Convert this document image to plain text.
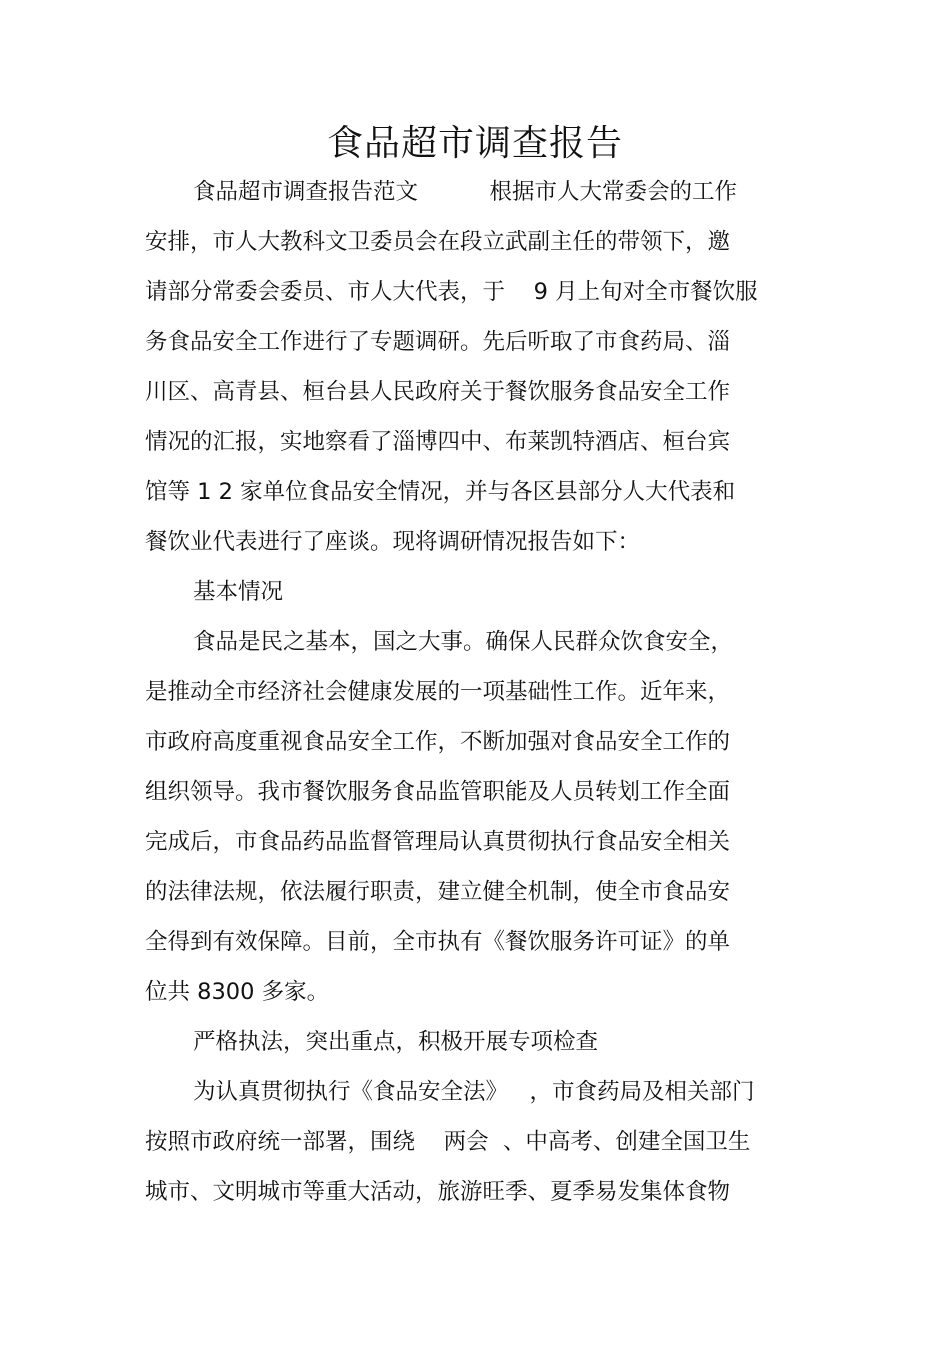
食品超市调查报告

食品超市调查报告范文          根据市人大常委会的工作

安排，市人大教科文卫委员会在段立武副主任的带领下，邀

请部分常委会委员、市人大代表，于    9 月上旬对全市餐饮服

务食品安全工作进行了专题调研。先后听取了市食药局、淄

川区、高青县、桓台县人民政府关于餐饮服务食品安全工作

情况的汇报，实地察看了淄博四中、布莱凯特酒店、桓台宾

馆等 1 2 家单位食品安全情况，并与各区县部分人大代表和

餐饮业代表进行了座谈。现将调研情况报告如下：

基本情况

食品是民之基本，国之大事。确保人民群众饮食安全，

是推动全市经济社会健康发展的一项基础性工作。近年来，

市政府高度重视食品安全工作，不断加强对食品安全工作的

组织领导。我市餐饮服务食品监管职能及人员转划工作全面

完成后，市食品药品监督管理局认真贯彻执行食品安全相关

的法律法规，依法履行职责，建立健全机制，使全市食品安

全得到有效保障。目前，全市执有《餐饮服务许可证》的单

位共 8300 多家。

严格执法，突出重点，积极开展专项检查

为认真贯彻执行《食品安全法》   ，市食药局及相关部门

按照市政府统一部署，围绕    两会  、中高考、创建全国卫生

城市、文明城市等重大活动，旅游旺季、夏季易发集体食物
